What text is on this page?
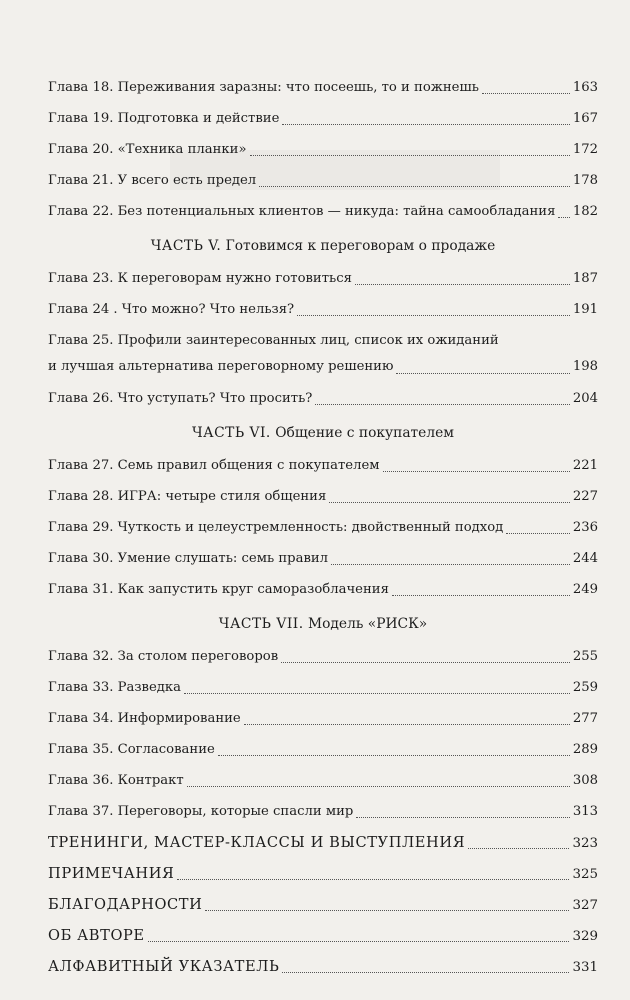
Глава 18. Переживания заразны: что посеешь, то и пожнешь	163
Глава 19. Подготовка и действие	167
Глава 20. «Техника планки»	172
Глава 21. У всего есть предел	178
Глава 22. Без потенциальных клиентов — никуда: тайна самообладания 182
ЧАСТЬ V. Готовимся к переговорам о продаже
Глава 23. К переговорам нужно готовиться	187
Глава 24 . Что можно? Что нельзя?	191
Глава 25. Профили заинтересованных лиц, список их ожиданий
и лучшая альтернатива переговорному решению	198
Глава 26. Что уступать? Что просить?	204
ЧАСТЬ VI. Общение с покупателем
Глава 27. Семь правил общения с покупателем	221
Глава 28. ИГРА: четыре стиля общения	227
Глава 29. Чуткость и целеустремленность: двойственный подход	236
Глава 30. Умение слушать: семь правил	244
Глава 31. Как запустить круг саморазоблачения	249
ЧАСТЬ VII. Модель «РИСК»
Глава 32. За столом переговоров	255
Глава 33. Разведка	259
Глава 34. Информирование	277
Глава 35. Согласование	289
Глава 36. Контракт	308
Глава 37. Переговоры, которые спасли мир	313
ТРЕНИНГИ, МАСТЕР-КЛАССЫ И ВЫСТУПЛЕНИЯ	323
ПРИМЕЧАНИЯ	325
БЛАГОДАРНОСТИ	327
ОБ АВТОРЕ	329
АЛФАВИТНЫЙ УКАЗАТЕЛЬ	331
